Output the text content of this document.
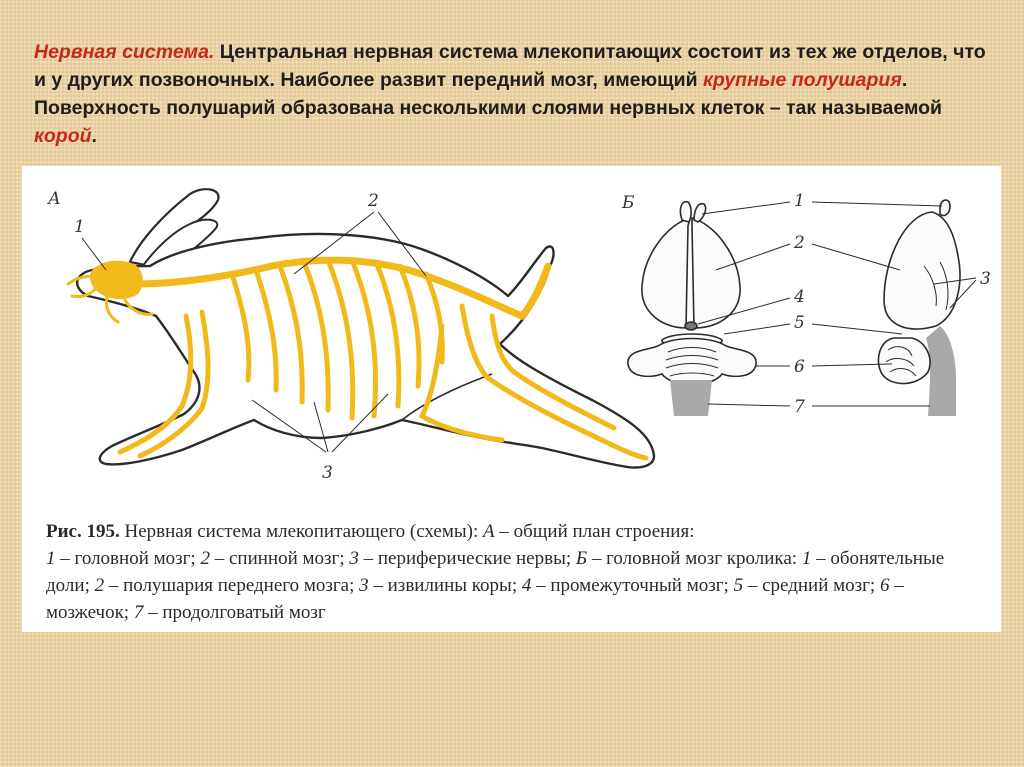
Нервная система. Центральная нервная система млекопитающих состоит из тех же отделов, что и у других позвоночных. Наиболее развит передний мозг, имеющий крупные полушария. Поверхность полушарий образована несколькими слоями нервных клеток – так называемой корой.

А
1
2
3
Б	1
2
3
4
5
6
7

Рис. 195. Нервная система млекопитающего (схемы): А – общий план строения:
1 – головной мозг; 2 – спинной мозг; 3 – периферические нервы; Б – головной мозг кролика: 1 – обонятельные доли; 2 – полушария переднего мозга; 3 – извилины коры; 4 – промежуточный мозг; 5 – средний мозг; 6 – мозжечок; 7 – продолговатый мозг
